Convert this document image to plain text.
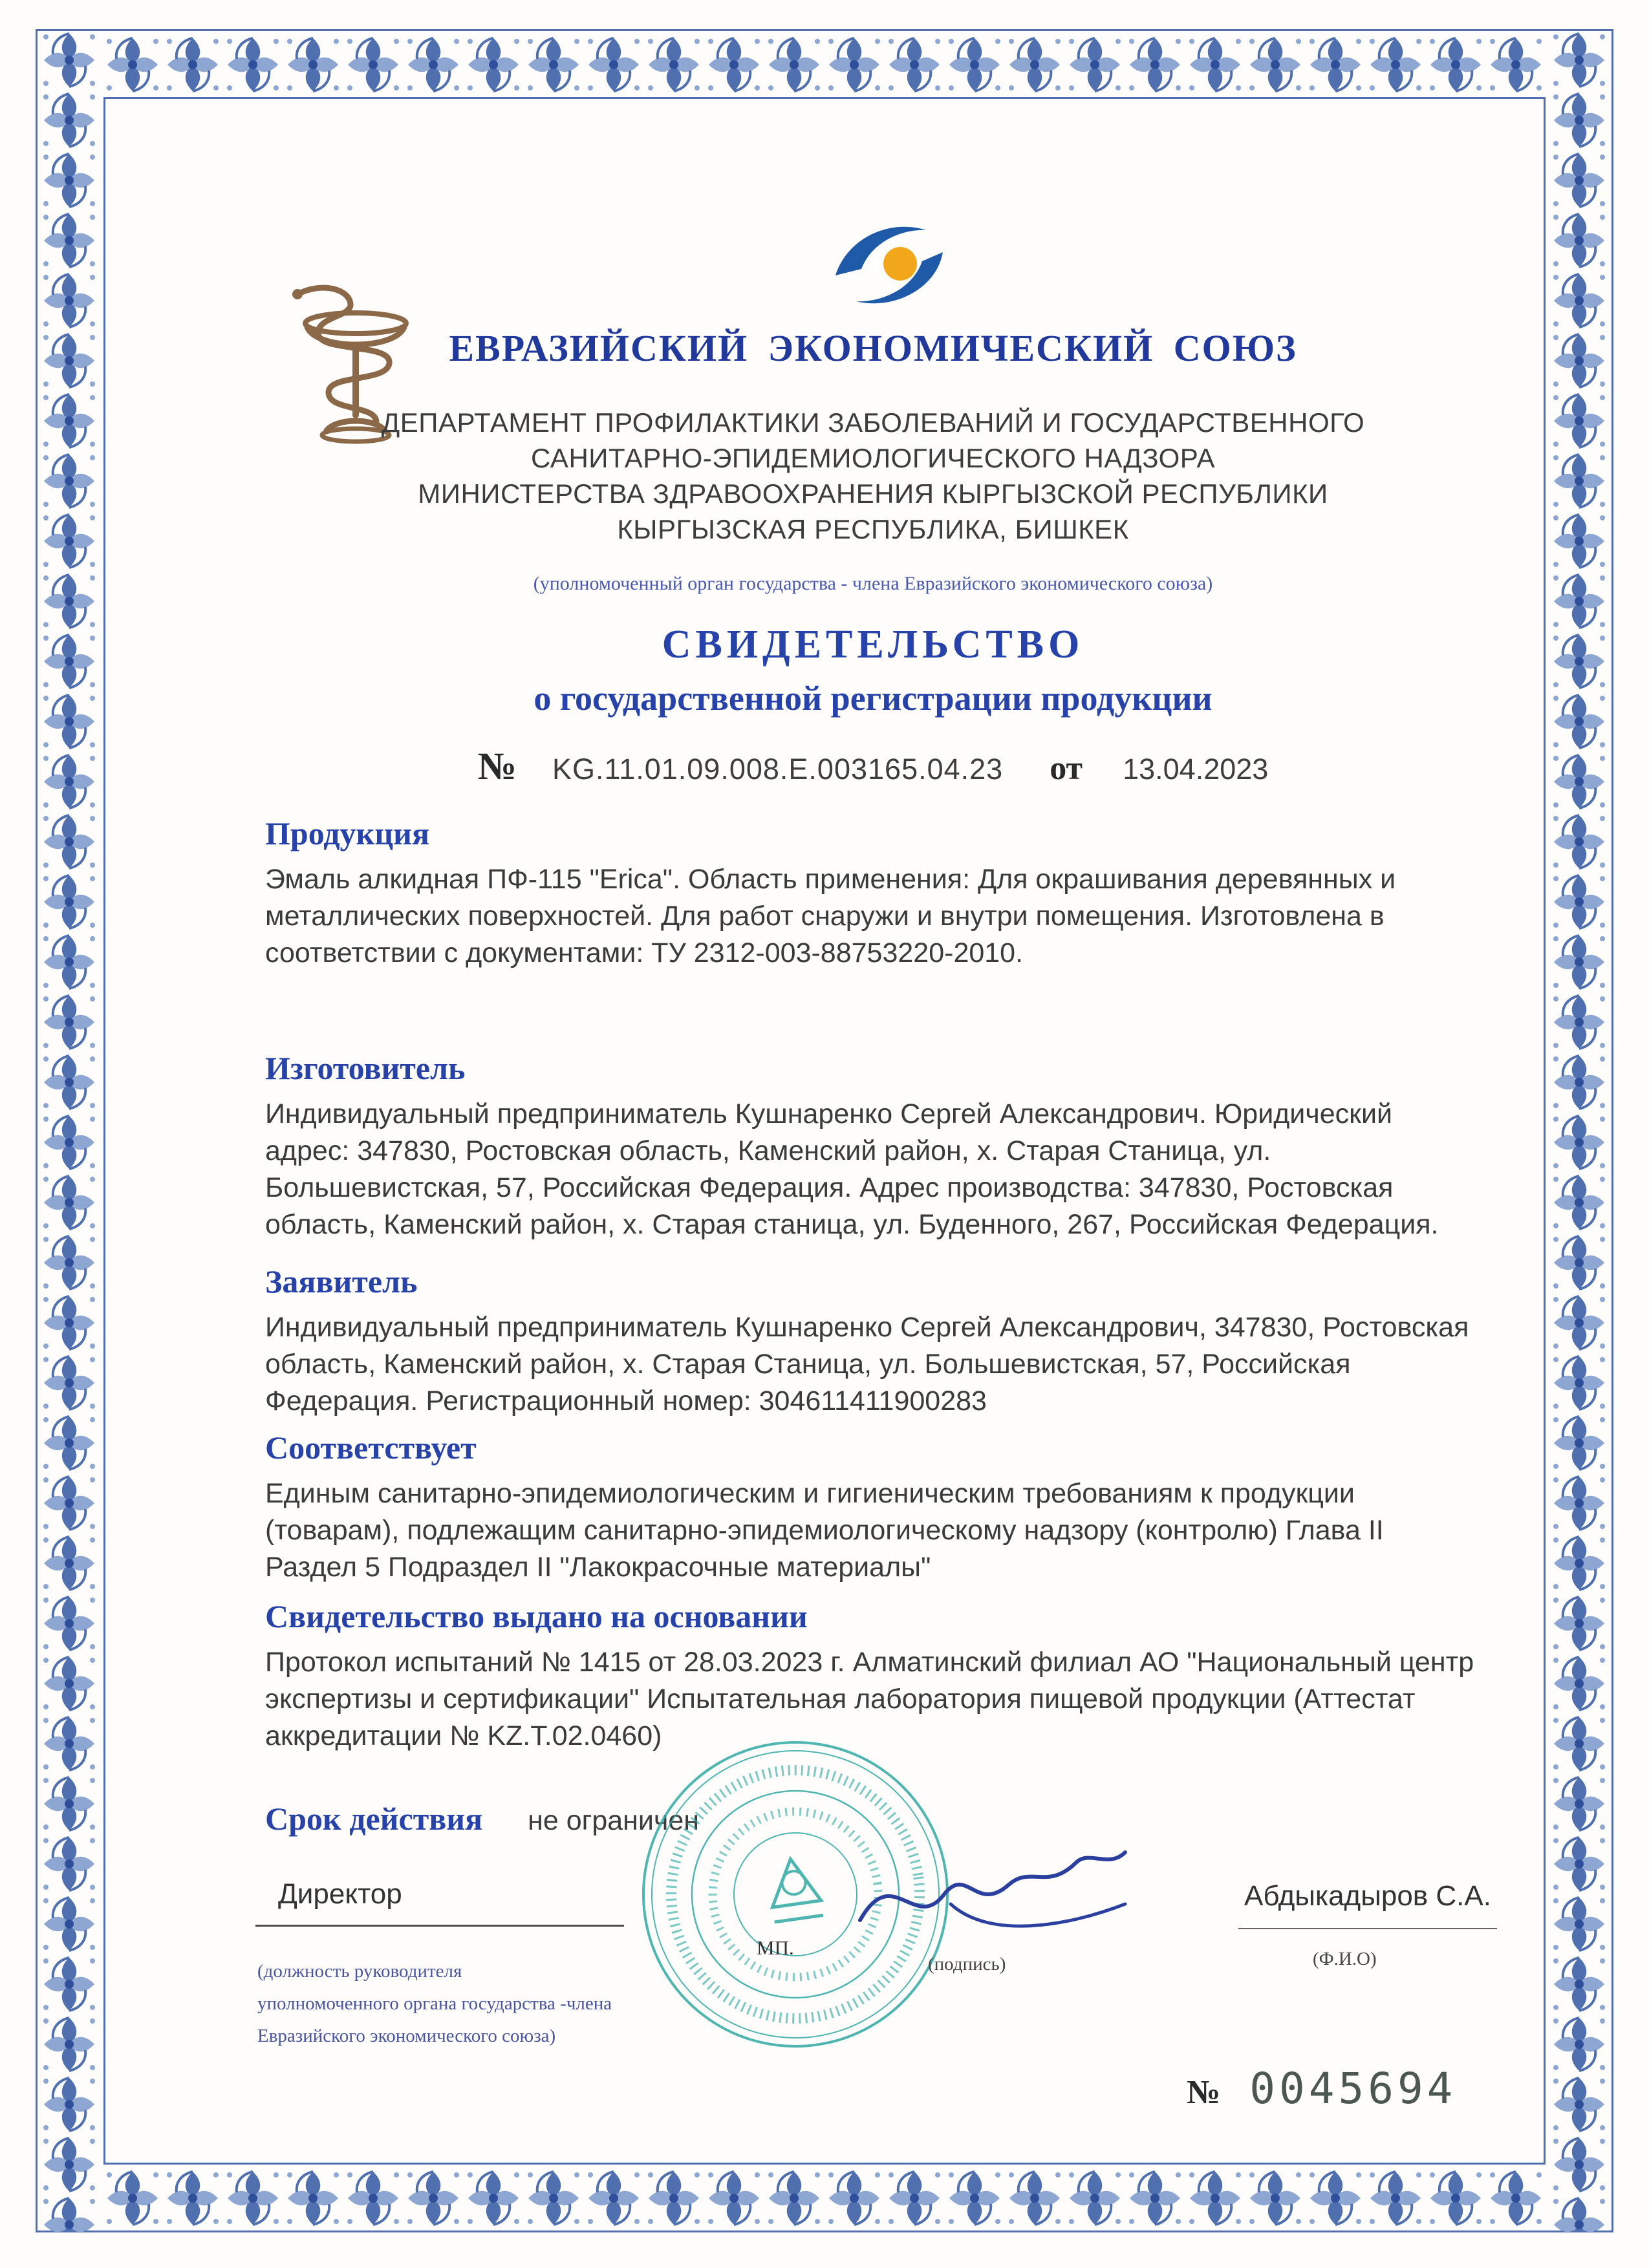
ЕВРАЗИЙСКИЙ ЭКОНОМИЧЕСКИЙ СОЮЗ
ДЕПАРТАМЕНТ ПРОФИЛАКТИКИ ЗАБОЛЕВАНИЙ И ГОСУДАРСТВЕННОГО
САНИТАРНО-ЭПИДЕМИОЛОГИЧЕСКОГО НАДЗОРА
МИНИСТЕРСТВА ЗДРАВООХРАНЕНИЯ КЫРГЫЗСКОЙ РЕСПУБЛИКИ
КЫРГЫЗСКАЯ РЕСПУБЛИКА, БИШКЕК
(уполномоченный орган государства - члена Евразийского экономического союза)
СВИДЕТЕЛЬСТВО
о государственной регистрации продукции
№ KG.11.01.09.008.E.003165.04.23 от 13.04.2023
Продукция

Эмаль алкидная ПФ-115 "Erica". Область применения: Для окрашивания деревянных и металлических поверхностей. Для работ снаружи и внутри помещения. Изготовлена в соответствии с документами: ТУ 2312-003-88753220-2010.

Изготовитель

Индивидуальный предприниматель Кушнаренко Сергей Александрович. Юридический адрес: 347830, Ростовская область, Каменский район, х. Старая Станица, ул. Большевистская, 57, Российская Федерация. Адрес производства: 347830, Ростовская область, Каменский район, х. Старая станица, ул. Буденного, 267, Российская Федерация.

Заявитель

Индивидуальный предприниматель Кушнаренко Сергей Александрович, 347830, Ростовская область, Каменский район, х. Старая Станица, ул. Большевистская, 57, Российская Федерация. Регистрационный номер: 304611411900283

Соответствует

Единым санитарно-эпидемиологическим и гигиеническим требованиям к продукции (товарам), подлежащим санитарно-эпидемиологическому надзору (контролю) Глава II Раздел 5 Подраздел II "Лакокрасочные материалы"

Свидетельство выдано на основании

Протокол испытаний № 1415 от 28.03.2023 г. Алматинский филиал АО "Национальный центр экспертизы и сертификации" Испытательная лаборатория пищевой продукции (Аттестат аккредитации № KZ.T.02.0460)

Срок действия не ограничен
Директор
(должность руководителя
уполномоченного органа государства -члена
Евразийского экономического союза)
МП.
(подпись)
Абдыкадыров С.А.
(Ф.И.О)
№ 0045694
